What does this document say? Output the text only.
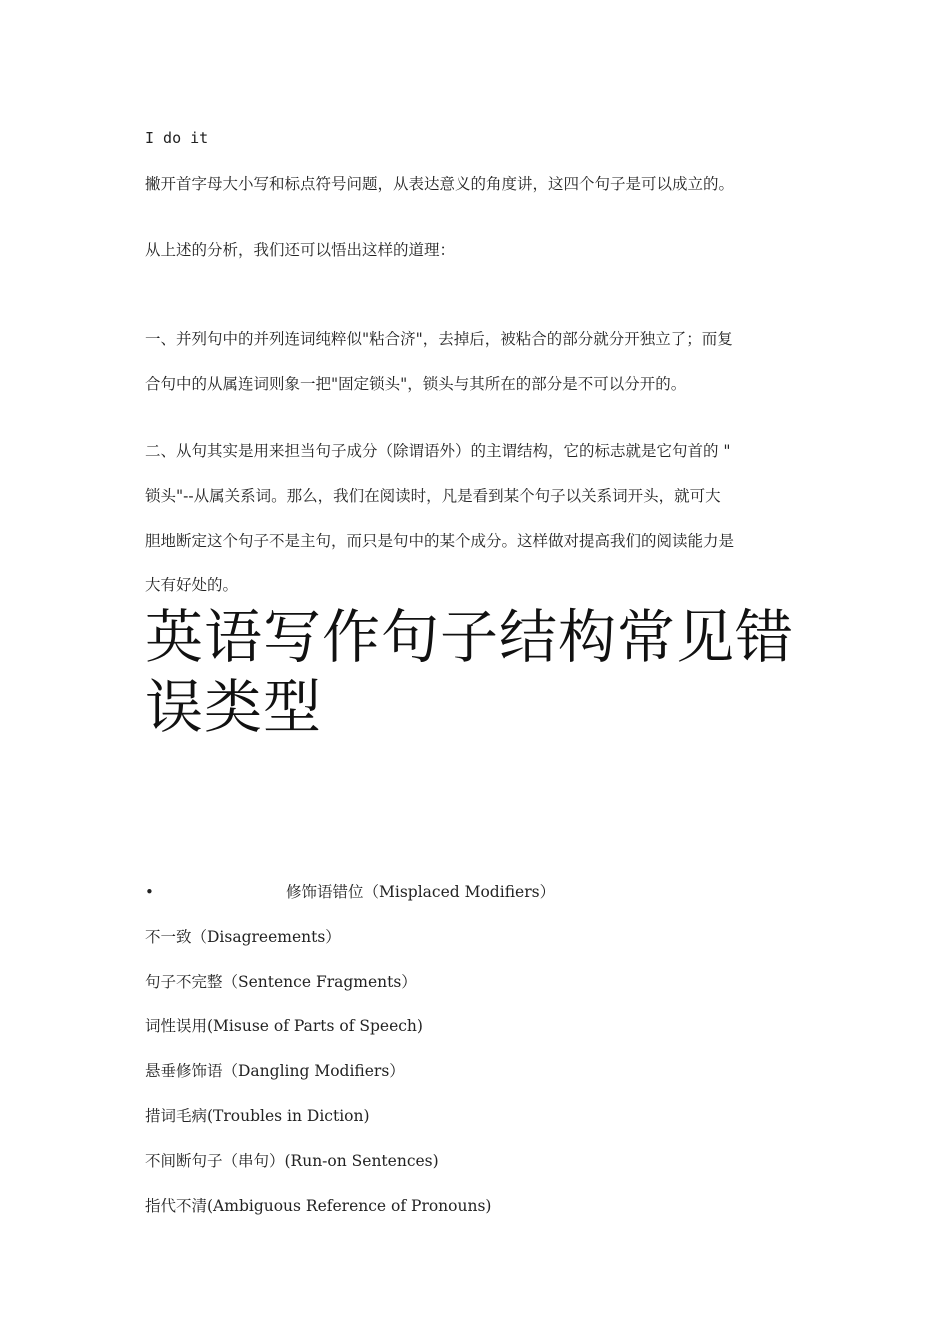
I do it
撇开首字母大小写和标点符号问题，从表达意义的角度讲，这四个句子是可以成立的。
从上述的分析，我们还可以悟出这样的道理：
一、并列句中的并列连词纯粹似"粘合济"，去掉后，被粘合的部分就分开独立了；而复
合句中的从属连词则象一把"固定锁头"，锁头与其所在的部分是不可以分开的。
二、从句其实是用来担当句子成分（除谓语外）的主谓结构，它的标志就是它句首的 "
锁头"--从属关系词。那么，我们在阅读时，凡是看到某个句子以关系词开头，就可大
胆地断定这个句子不是主句，而只是句中的某个成分。这样做对提高我们的阅读能力是
大有好处的。
英语写作句子结构常见错
误类型
•	修饰语错位（Misplaced Modifiers）
不一致（Disagreements）
句子不完整（Sentence Fragments）
词性误用(Misuse of Parts of Speech)
悬垂修饰语（Dangling Modifiers）
措词毛病(Troubles in Diction)
不间断句子（串句）(Run-on Sentences)
指代不清(Ambiguous Reference of Pronouns)
